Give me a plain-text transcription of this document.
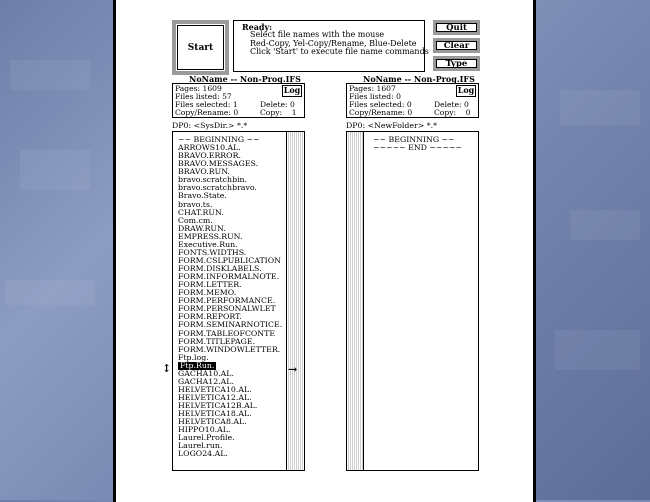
Start
Ready:
Select file names with the mouse
Red-Copy, Yel-Copy/Rename, Blue-Delete
Click 'Start' to execute file name commands
Quit
Clear
Type
NoName -- Non-Prog.IFS	NoName -- Non-Prog.IFS
Pages: 1609
Files listed: 57
Files selected: 1	Delete: 0
Copy/Rename: 0	Copy:    1
Log	Pages: 1607
Files listed: 0
Files selected: 0	Delete: 0
Copy/Rename: 0	Copy:    0
Log
DP0: <SysDir.> *.*	DP0: <NewFolder> *.*
~~ BEGINNING ~~
ARROWS10.AL.
BRAVO.ERROR.
BRAVO.MESSAGES.
BRAVO.RUN.
bravo.scratchbin.
bravo.scratchbravo.
Bravo.State.
bravo.ts.
CHAT.RUN.
Com.cm.
DRAW.RUN.
EMPRESS.RUN.
Executive.Run.
FONTS.WIDTHS.
FORM.CSLPUBLICATION
FORM.DISKLABELS.
FORM.INFORMALNOTE.
FORM.LETTER.
FORM.MEMO.
FORM.PERFORMANCE.
FORM.PERSONALWLET
FORM.REPORT.
FORM.SEMINARNOTICE.
FORM.TABLEOFCONTE
FORM.TITLEPAGE.
FORM.WINDOWLETTER.
Ftp.log.
Ftp.Run.
GACHA10.AL.
GACHA12.AL.
HELVETICA10.AL.
HELVETICA12.AL.
HELVETICA12B.AL.
HELVETICA18.AL.
HELVETICA8.AL.
HIPPO10.AL.
Laurel.Profile.
Laurel.run.
LOGO24.AL.
~~ BEGINNING ~~
~~~~~ END ~~~~~
↕	→
